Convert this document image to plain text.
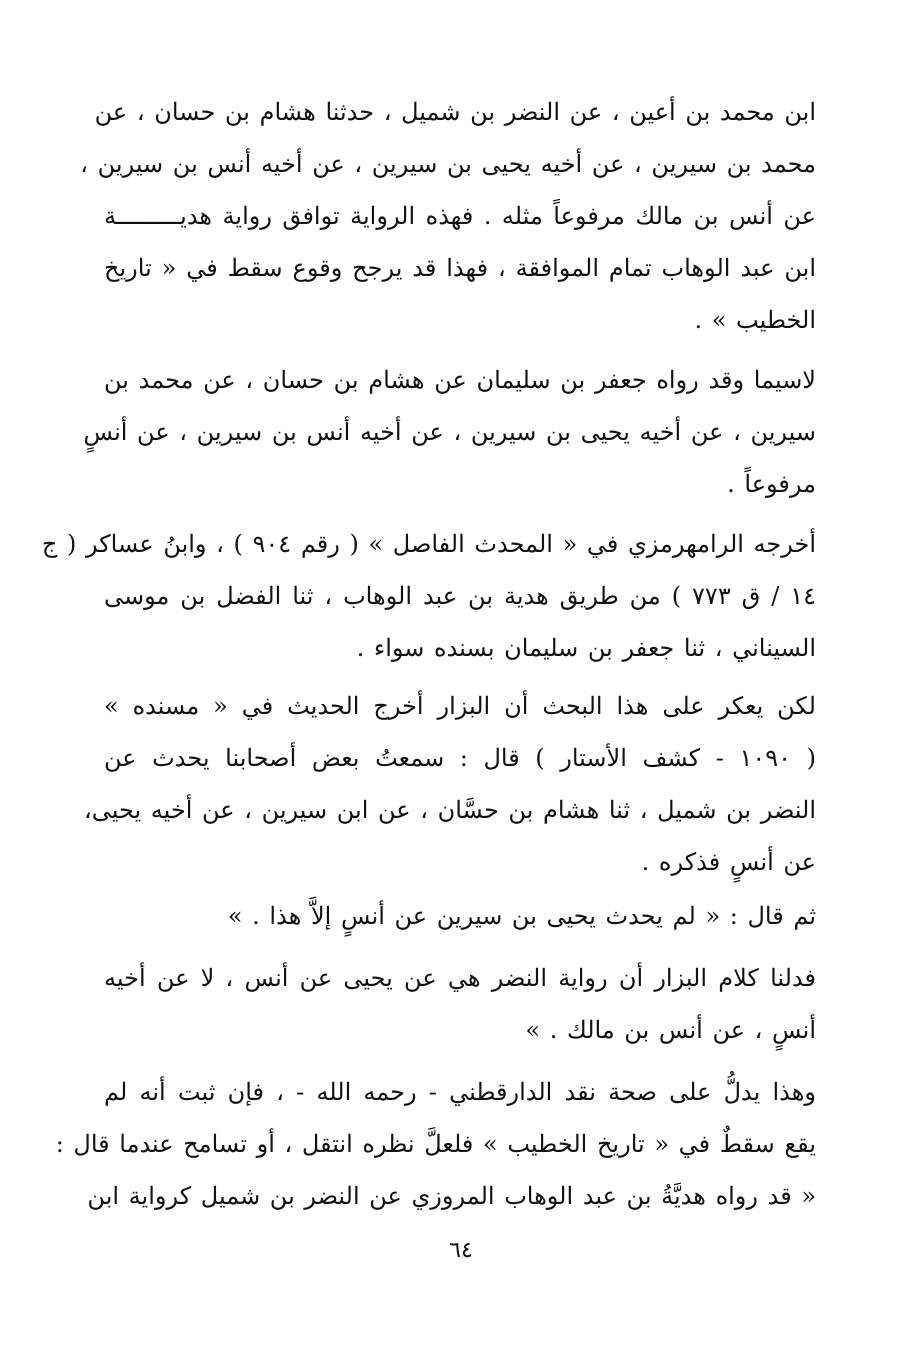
ابن محمد بن أعين ، عن النضر بن شميل ، حدثنا هشام بن حسان ، عن
محمد بن سيرين ، عن أخيه يحيى بن سيرين ، عن أخيه أنس بن سيرين ،
عن أنس بن مالك مرفوعاً مثله . فهذه الرواية توافق رواية هديـــــــــة
ابن عبد الوهاب تمام الموافقة ، فهذا قد يرجح وقوع سقط في « تاريخ
الخطيب » .
لاسيما وقد رواه جعفر بن سليمان عن هشام بن حسان ، عن محمد بن
سيرين ، عن أخيه يحيى بن سيرين ، عن أخيه أنس بن سيرين ، عن أنسٍ
مرفوعاً .
أخرجه الرامهرمزي في « المحدث الفاصل » ( رقم ٩٠٤ ) ، وابنُ عساكر ( ج
١٤ / ق ٧٧٣ ) من طريق هدية بن عبد الوهاب ، ثنا الفضل بن موسى
السيناني ، ثنا جعفر بن سليمان بسنده سواء .
لكن يعكر على هذا البحث أن البزار أخرج الحديث في « مسنده »
( ١٠٩٠ - كشف الأستار ) قال : سمعتُ بعض أصحابنا يحدث عن
النضر بن شميل ، ثنا هشام بن حسَّان ، عن ابن سيرين ، عن أخيه يحيى،
عن أنسٍ فذكره .
ثم قال : « لم يحدث يحيى بن سيرين عن أنسٍ إلاَّ هذا . »
فدلنا كلام البزار أن رواية النضر هي عن يحيى عن أنس ، لا عن أخيه
أنسٍ ، عن أنس بن مالك . »
وهذا يدلُّ على صحة نقد الدارقطني - رحمه الله - ، فإن ثبت أنه لم
يقع سقطٌ في « تاريخ الخطيب » فلعلَّ نظره انتقل ، أو تسامح عندما قال :
« قد رواه هديَّةُ بن عبد الوهاب المروزي عن النضر بن شميل كرواية ابن
٦٤
